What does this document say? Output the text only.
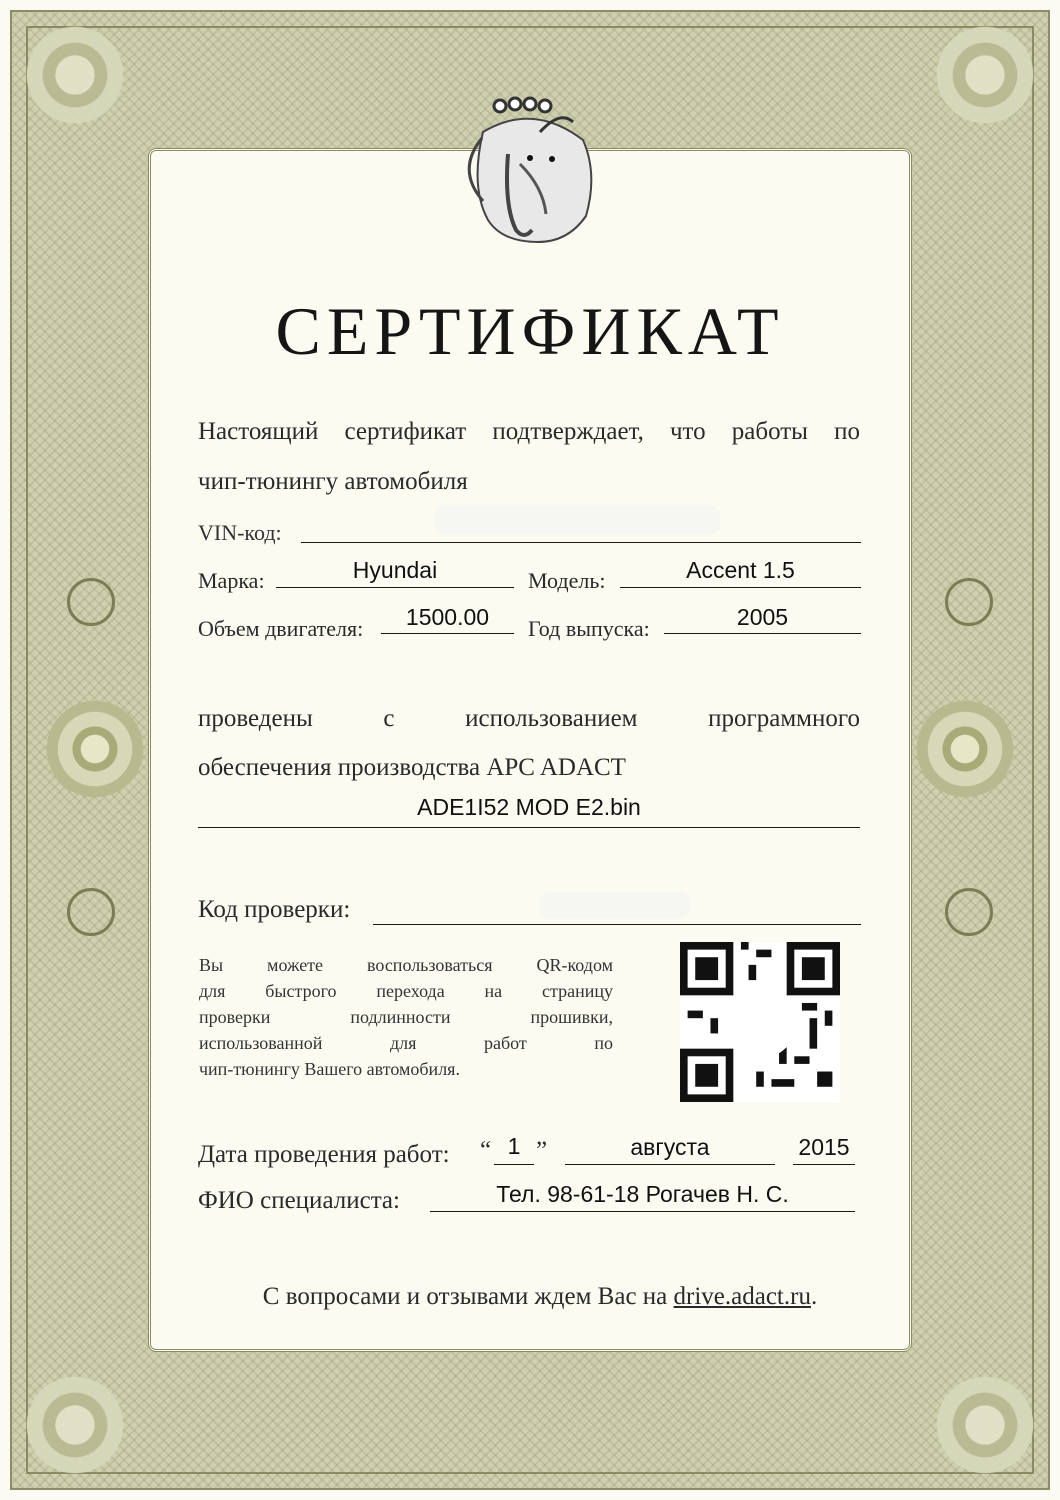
СЕРТИФИКАТ
Настоящий сертификат подтверждает, что работы по
чип-тюнингу автомобиля
VIN-код:
Марка:	Hyundai	Модель:	Accent 1.5
Объем двигателя:	1500.00	Год выпуска:	2005
проведены с использованием программного
обеспечения производства APC ADACT
ADE1I52 MOD E2.bin
Код проверки:
Вы можете воспользоваться QR-кодом
для быстрого перехода на страницу
проверки подлинности прошивки,
использованной для работ по
чип-тюнингу Вашего автомобиля.
Дата проведения работ: “ 1 ”	августа	2015
ФИО специалиста:	Тел. 98-61-18 Рогачев Н. С.
С вопросами и отзывами ждем Вас на drive.adact.ru.
